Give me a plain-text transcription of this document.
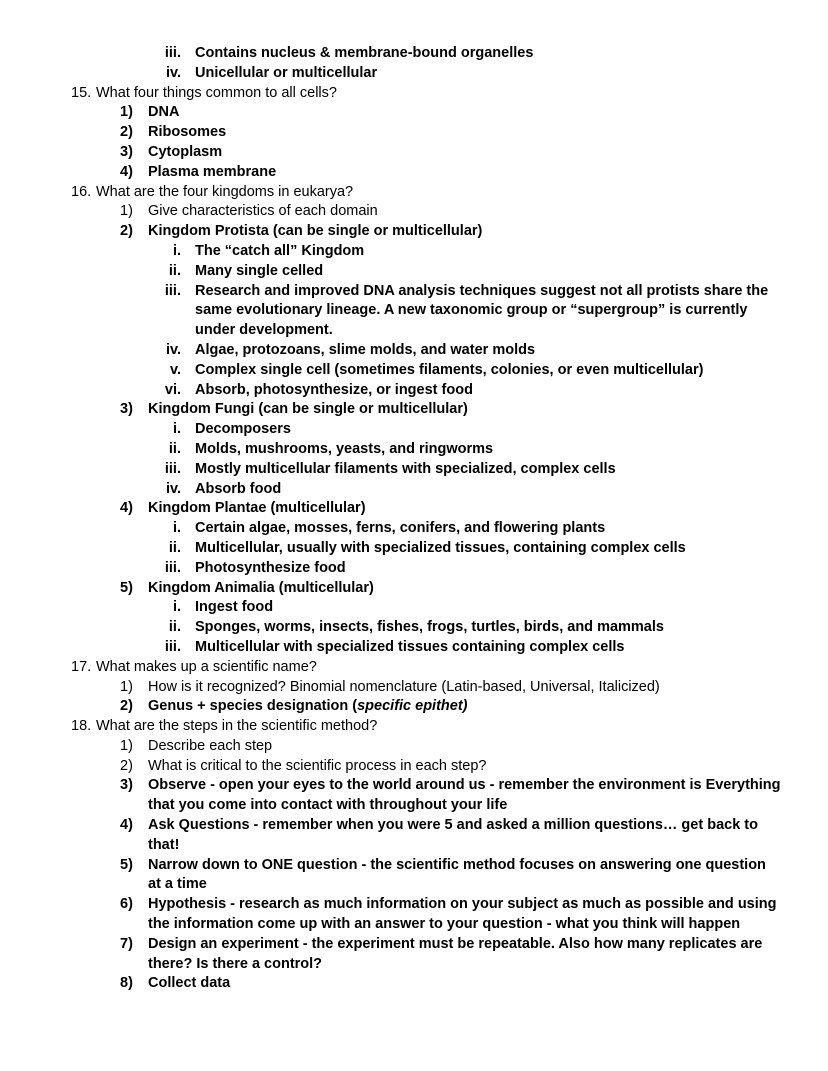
iii. Contains nucleus & membrane-bound organelles
iv. Unicellular or multicellular
15. What four things common to all cells?
1)	DNA
2)	Ribosomes
3)	Cytoplasm
4)	Plasma membrane
16. What are the four kingdoms in eukarya?
1)	Give characteristics of each domain
2)	Kingdom Protista (can be single or multicellular)
i. The “catch all” Kingdom
ii. Many single celled
iii. Research and improved DNA analysis techniques suggest not all protists share the same evolutionary lineage. A new taxonomic group or “supergroup” is currently under development.
iv. Algae, protozoans, slime molds, and water molds
v. Complex single cell (sometimes filaments, colonies, or even multicellular)
vi. Absorb, photosynthesize, or ingest food
3)	Kingdom Fungi (can be single or multicellular)
i. Decomposers
ii. Molds, mushrooms, yeasts, and ringworms
iii. Mostly multicellular filaments with specialized, complex cells
iv. Absorb food
4)	Kingdom Plantae (multicellular)
i. Certain algae, mosses, ferns, conifers, and flowering plants
ii. Multicellular, usually with specialized tissues, containing complex cells
iii. Photosynthesize food
5)	Kingdom Animalia (multicellular)
i. Ingest food
ii. Sponges, worms, insects, fishes, frogs, turtles, birds, and mammals
iii. Multicellular with specialized tissues containing complex cells
17. What makes up a scientific name?
1)	How is it recognized? Binomial nomenclature (Latin-based, Universal, Italicized)
2)	Genus + species designation (specific epithet)
18. What are the steps in the scientific method?
1)	Describe each step
2)	What is critical to the scientific process in each step?
3)	Observe - open your eyes to the world around us - remember the environment is Everything that you come into contact with throughout your life
4)	Ask Questions - remember when you were 5 and asked a million questions… get back to that!
5)	Narrow down to ONE question - the scientific method focuses on answering one question at a time
6)	Hypothesis - research as much information on your subject as much as possible and using the information come up with an answer to your question - what you think will happen
7)	Design an experiment - the experiment must be repeatable. Also how many replicates are there? Is there a control?
8)	Collect data
